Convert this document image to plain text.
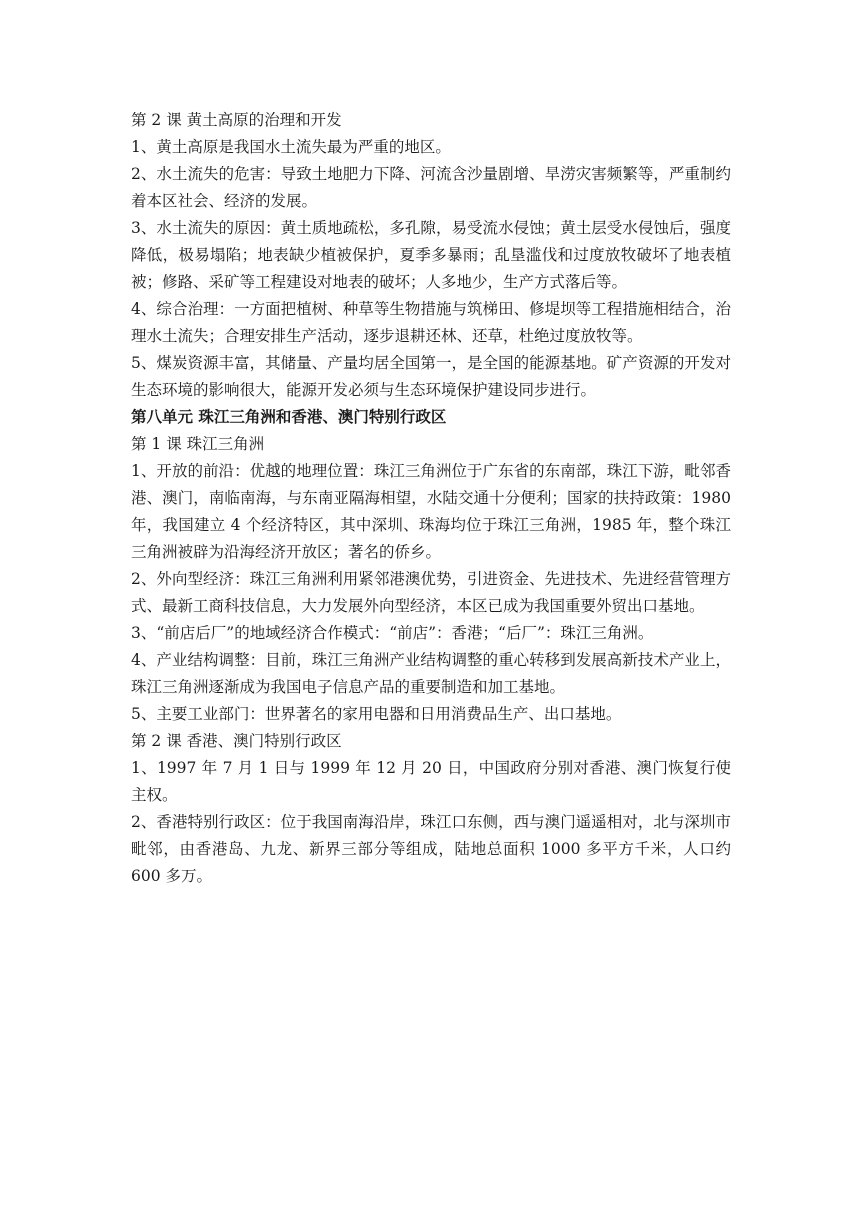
第 2 课 黄土高原的治理和开发

1、黄土高原是我国水土流失最为严重的地区。

2、水土流失的危害：导致土地肥力下降、河流含沙量剧增、旱涝灾害频繁等，严重制约着本区社会、经济的发展。

3、水土流失的原因：黄土质地疏松，多孔隙，易受流水侵蚀；黄土层受水侵蚀后，强度降低，极易塌陷；地表缺少植被保护，夏季多暴雨；乱垦滥伐和过度放牧破坏了地表植被；修路、采矿等工程建设对地表的破坏；人多地少，生产方式落后等。

4、综合治理：一方面把植树、种草等生物措施与筑梯田、修堤坝等工程措施相结合，治理水土流失；合理安排生产活动，逐步退耕还林、还草，杜绝过度放牧等。

5、煤炭资源丰富，其储量、产量均居全国第一，是全国的能源基地。矿产资源的开发对生态环境的影响很大，能源开发必须与生态环境保护建设同步进行。

第八单元 珠江三角洲和香港、澳门特别行政区

第 1 课 珠江三角洲

1、开放的前沿：优越的地理位置：珠江三角洲位于广东省的东南部，珠江下游，毗邻香港、澳门，南临南海，与东南亚隔海相望，水陆交通十分便利；国家的扶持政策：1980 年，我国建立 4 个经济特区，其中深圳、珠海均位于珠江三角洲，1985 年，整个珠江三角洲被辟为沿海经济开放区；著名的侨乡。

2、外向型经济：珠江三角洲利用紧邻港澳优势，引进资金、先进技术、先进经营管理方式、最新工商科技信息，大力发展外向型经济，本区已成为我国重要外贸出口基地。

3、“前店后厂”的地域经济合作模式：“前店”：香港；“后厂”：珠江三角洲。

4、产业结构调整：目前，珠江三角洲产业结构调整的重心转移到发展高新技术产业上，珠江三角洲逐渐成为我国电子信息产品的重要制造和加工基地。

5、主要工业部门：世界著名的家用电器和日用消费品生产、出口基地。

第 2 课 香港、澳门特别行政区

1、1997 年 7 月 1 日与 1999 年 12 月 20 日，中国政府分别对香港、澳门恢复行使主权。

2、香港特别行政区：位于我国南海沿岸，珠江口东侧，西与澳门遥遥相对，北与深圳市毗邻，由香港岛、九龙、新界三部分等组成，陆地总面积 1000 多平方千米，人口约 600 多万。
